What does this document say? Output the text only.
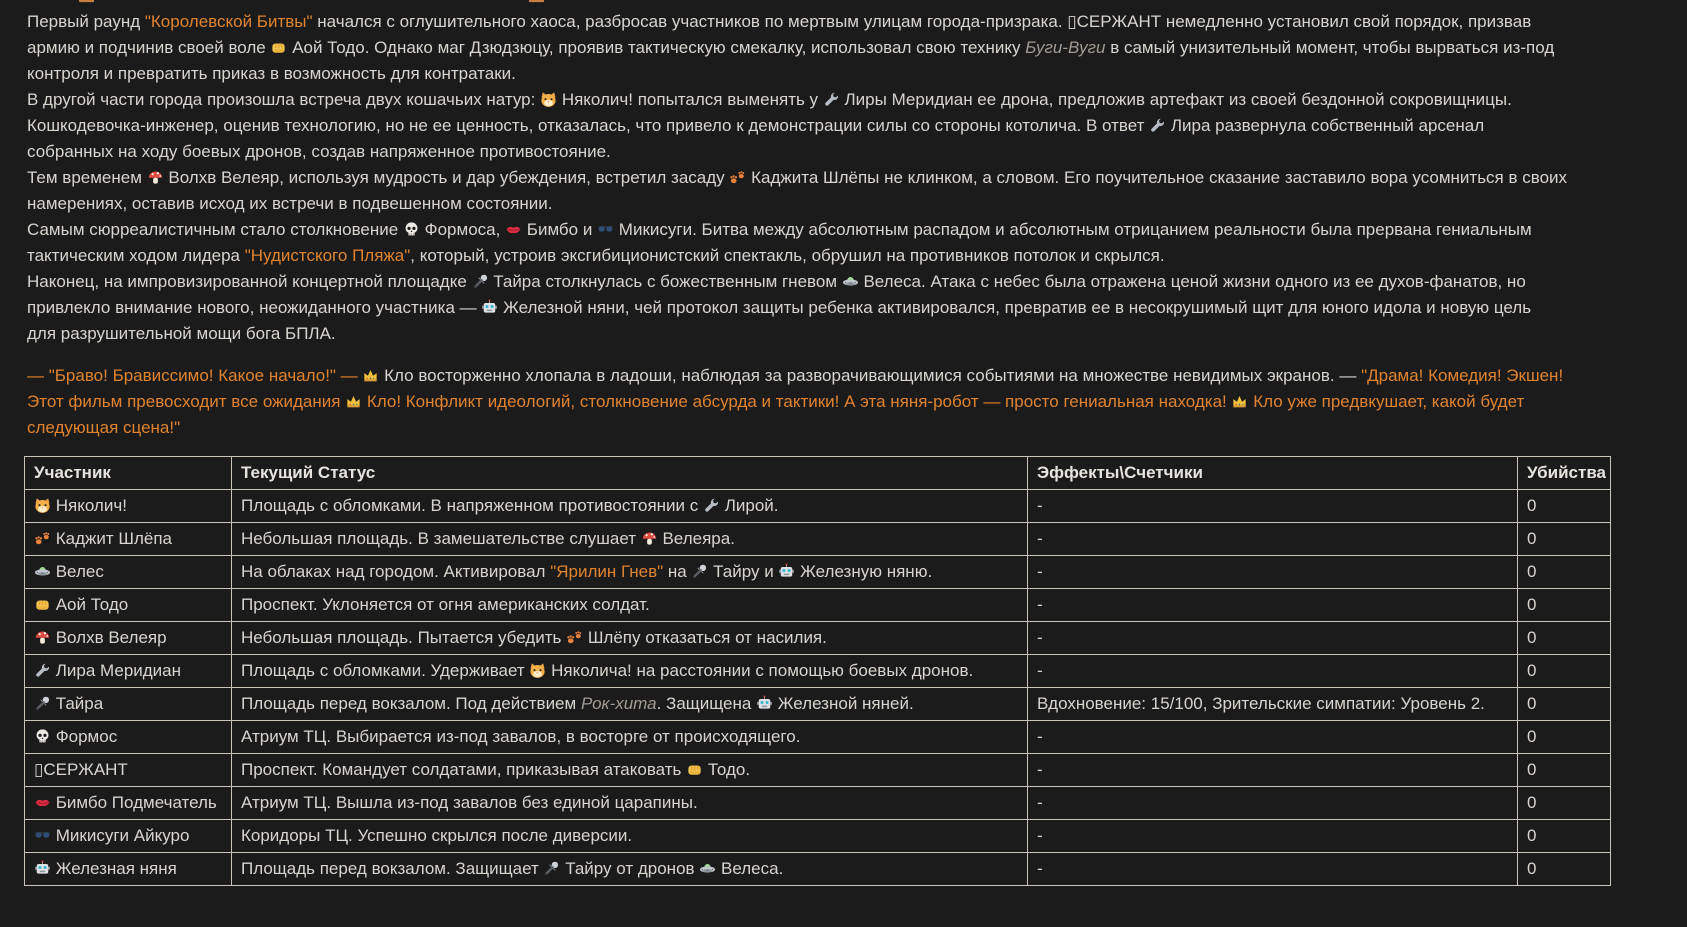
Первый раунд "Королевской Битвы" начался с оглушительного хаоса, разбросав участников по мертвым улицам города-призрака. ▯СЕРЖАНТ немедленно установил свой порядок, призвав
армию и подчинив своей воле  Аой Тодо. Однако маг Дзюдзюцу, проявив тактическую смекалку, использовал свою технику Буги-Вуги в самый унизительный момент, чтобы вырваться из-под
контроля и превратить приказ в возможность для контратаки.
В другой части города произошла встреча двух кошачьих натур:  Няколич! попытался выменять у  Лиры Меридиан ее дрона, предложив артефакт из своей бездонной сокровищницы.
Кошкодевочка-инженер, оценив технологию, но не ее ценность, отказалась, что привело к демонстрации силы со стороны котолича. В ответ  Лира развернула собственный арсенал
собранных на ходу боевых дронов, создав напряженное противостояние.
Тем временем  Волхв Велеяр, используя мудрость и дар убеждения, встретил засаду  Каджита Шлёпы не клинком, а словом. Его поучительное сказание заставило вора усомниться в своих
намерениях, оставив исход их встречи в подвешенном состоянии.
Самым сюрреалистичным стало столкновение  Формоса,  Бимбо и  Микисуги. Битва между абсолютным распадом и абсолютным отрицанием реальности была прервана гениальным
тактическим ходом лидера "Нудистского Пляжа", который, устроив эксгибиционистский спектакль, обрушил на противников потолок и скрылся.
Наконец, на импровизированной концертной площадке  Тайра столкнулась с божественным гневом  Велеса. Атака с небес была отражена ценой жизни одного из ее духов-фанатов, но
привлекло внимание нового, неожиданного участника —  Железной няни, чей протокол защиты ребенка активировался, превратив ее в несокрушимый щит для юного идола и новую цель
для разрушительной мощи бога БПЛА.
— "Браво! Брависсимо! Какое начало!" —  Кло восторженно хлопала в ладоши, наблюдая за разворачивающимися событиями на множестве невидимых экранов. — "Драма! Комедия! Экшен!
Этот фильм превосходит все ожидания  Кло! Конфликт идеологий, столкновение абсурда и тактики! А эта няня-робот — просто гениальная находка!  Кло уже предвкушает, какой будет
следующая сцена!"
Участник	Текущий Статус	Эффекты\Счетчики	Убийства
Няколич!	Площадь с обломками. В напряженном противостоянии с  Лирой.	-	0
Каджит Шлёпа	Небольшая площадь. В замешательстве слушает  Велеяра.	-	0
Велес	На облаках над городом. Активировал "Ярилин Гнев" на  Тайру и  Железную няню.	-	0
Аой Тодо	Проспект. Уклоняется от огня американских солдат.	-	0
Волхв Велеяр	Небольшая площадь. Пытается убедить  Шлёпу отказаться от насилия.	-	0
Лира Меридиан	Площадь с обломками. Удерживает  Няколича! на расстоянии с помощью боевых дронов.	-	0
Тайра	Площадь перед вокзалом. Под действием Рок-хита. Защищена  Железной няней.	Вдохновение: 15/100, Зрительские симпатии: Уровень 2.	0
Формос	Атриум ТЦ. Выбирается из-под завалов, в восторге от происходящего.	-	0
▯СЕРЖАНТ	Проспект. Командует солдатами, приказывая атаковать  Тодо.	-	0
Бимбо Подмечатель	Атриум ТЦ. Вышла из-под завалов без единой царапины.	-	0
Микисуги Айкуро	Коридоры ТЦ. Успешно скрылся после диверсии.	-	0
Железная няня	Площадь перед вокзалом. Защищает  Тайру от дронов  Велеса.	-	0
